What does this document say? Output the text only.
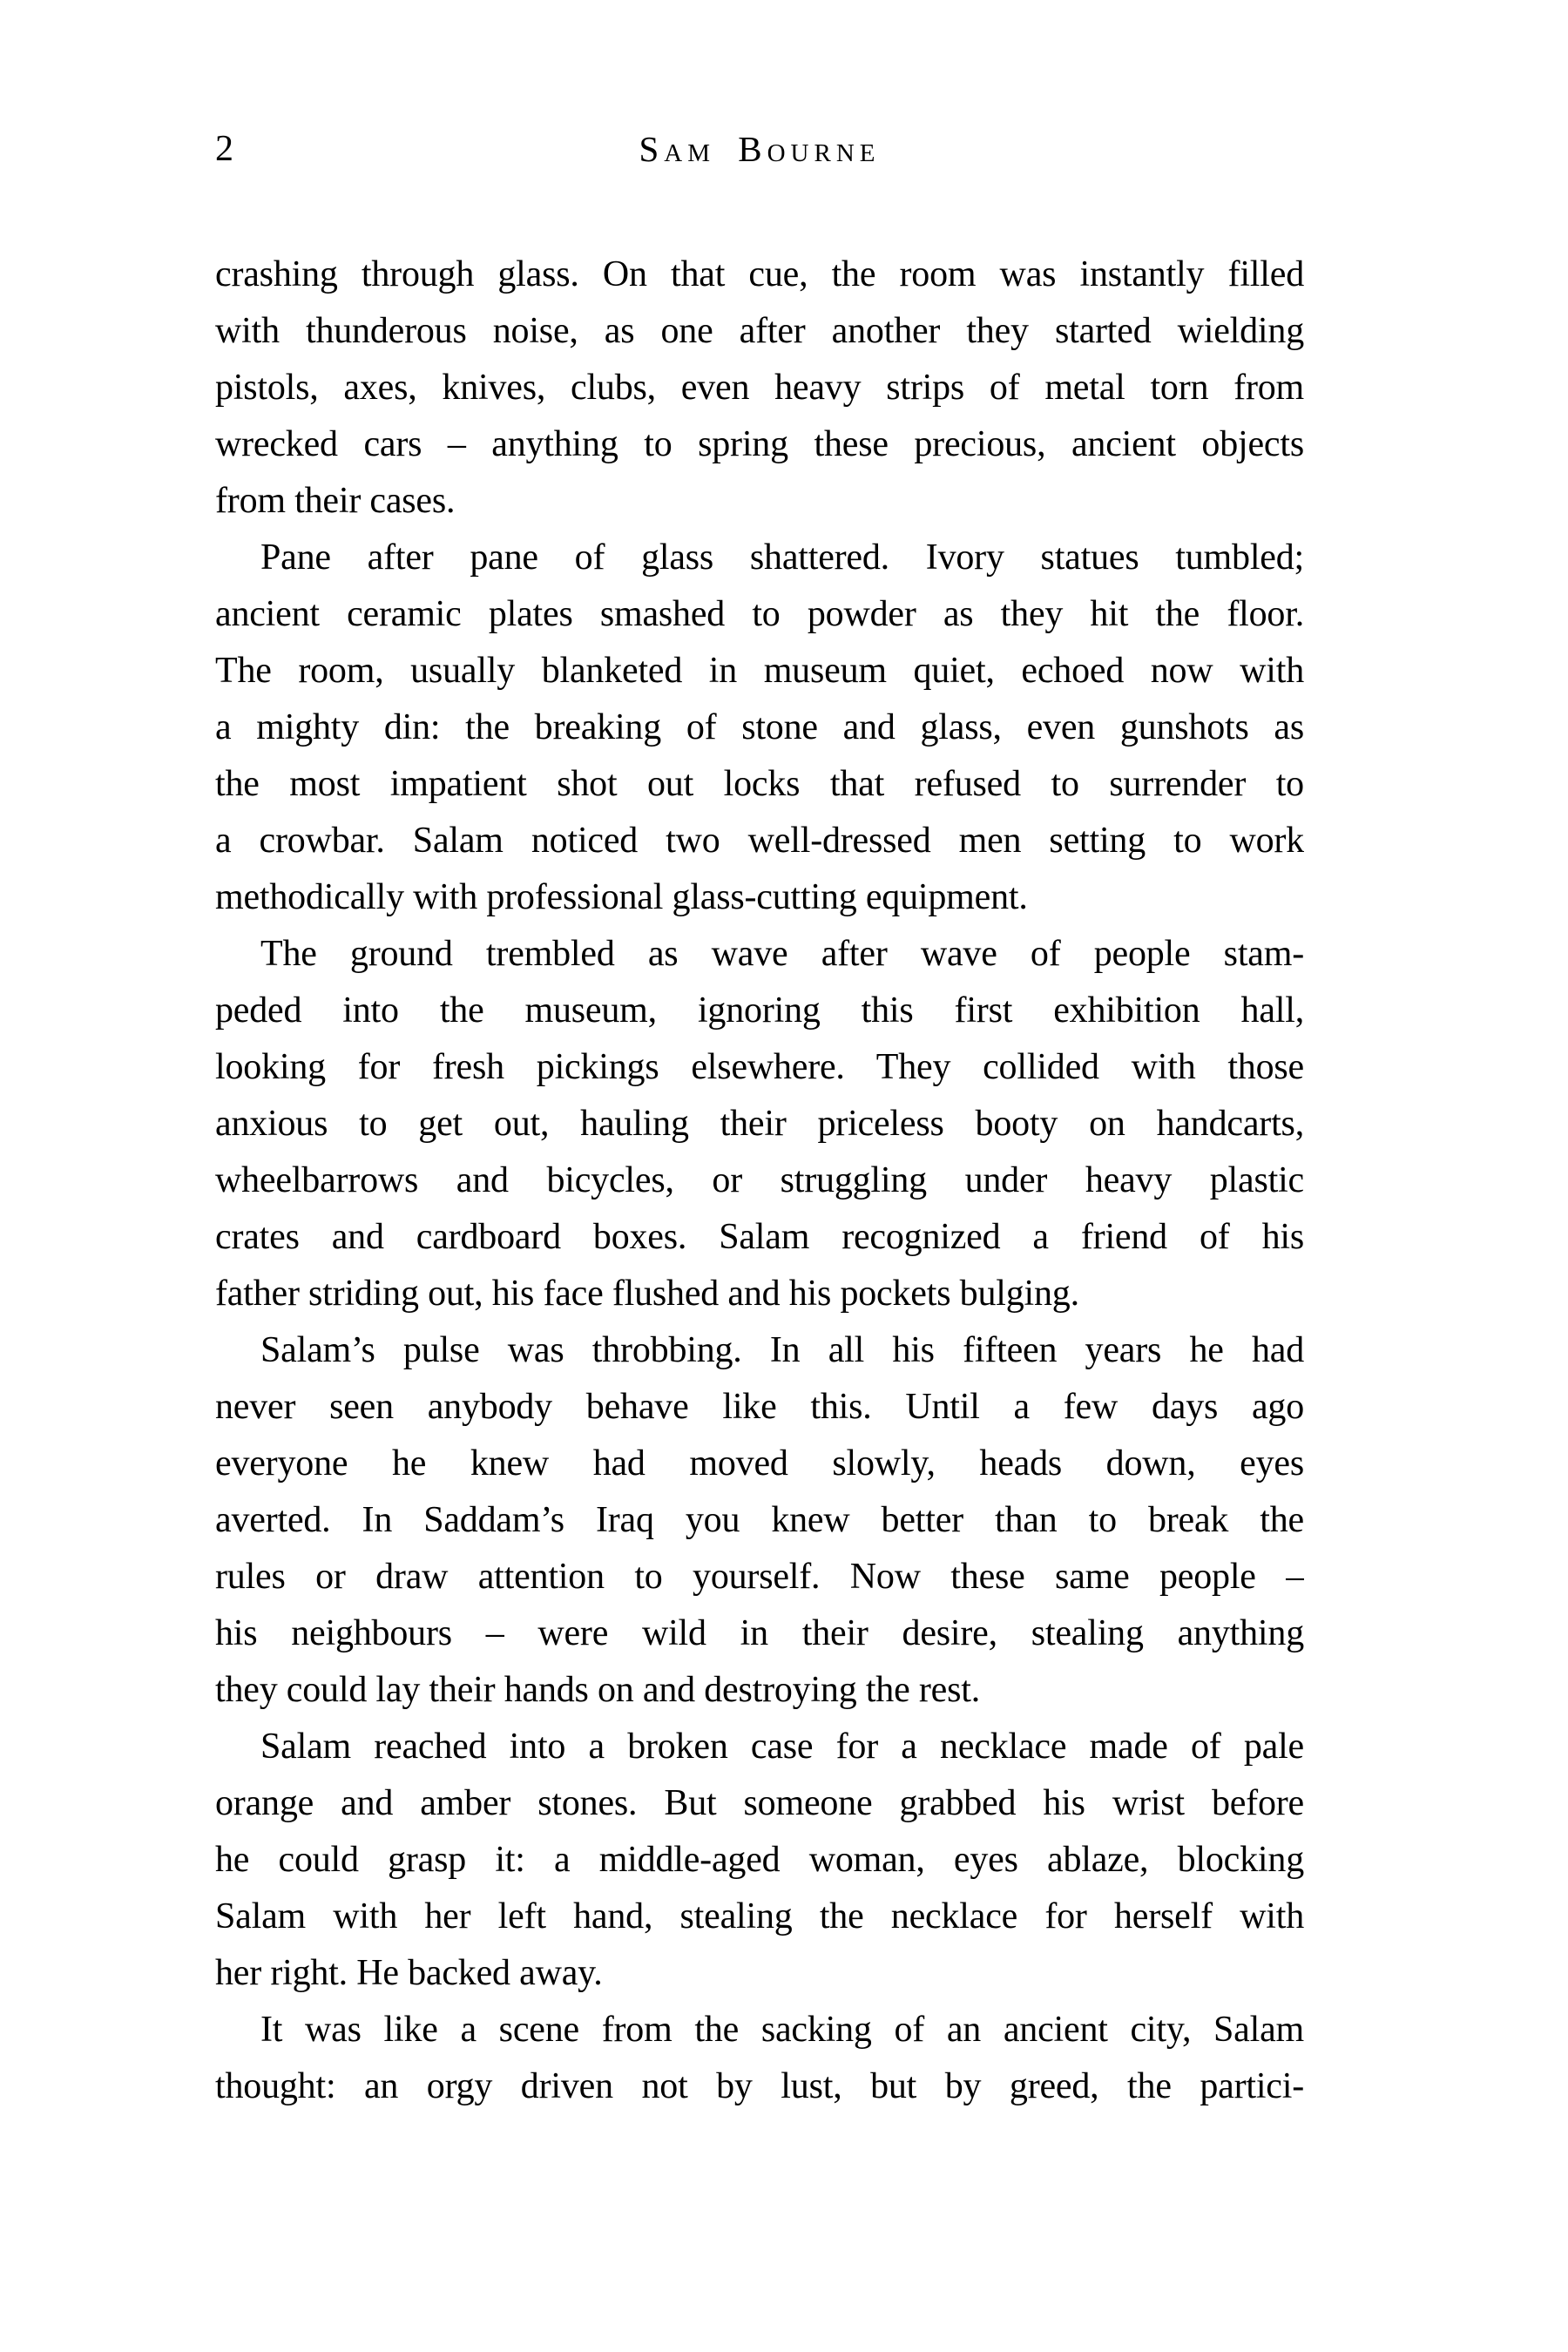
2	Sam Bourne
crashing through glass. On that cue, the room was instantly filled
with thunderous noise, as one after another they started wielding
pistols, axes, knives, clubs, even heavy strips of metal torn from
wrecked cars – anything to spring these precious, ancient objects
from their cases.
Pane after pane of glass shattered. Ivory statues tumbled;
ancient ceramic plates smashed to powder as they hit the floor.
The room, usually blanketed in museum quiet, echoed now with
a mighty din: the breaking of stone and glass, even gunshots as
the most impatient shot out locks that refused to surrender to
a crowbar. Salam noticed two well-dressed men setting to work
methodically with professional glass-cutting equipment.
The ground trembled as wave after wave of people stam-
peded into the museum, ignoring this first exhibition hall,
looking for fresh pickings elsewhere. They collided with those
anxious to get out, hauling their priceless booty on handcarts,
wheelbarrows and bicycles, or struggling under heavy plastic
crates and cardboard boxes. Salam recognized a friend of his
father striding out, his face flushed and his pockets bulging.
Salam’s pulse was throbbing. In all his fifteen years he had
never seen anybody behave like this. Until a few days ago
everyone he knew had moved slowly, heads down, eyes
averted. In Saddam’s Iraq you knew better than to break the
rules or draw attention to yourself. Now these same people –
his neighbours – were wild in their desire, stealing anything
they could lay their hands on and destroying the rest.
Salam reached into a broken case for a necklace made of pale
orange and amber stones. But someone grabbed his wrist before
he could grasp it: a middle-aged woman, eyes ablaze, blocking
Salam with her left hand, stealing the necklace for herself with
her right. He backed away.
It was like a scene from the sacking of an ancient city, Salam
thought: an orgy driven not by lust, but by greed, the partici-
